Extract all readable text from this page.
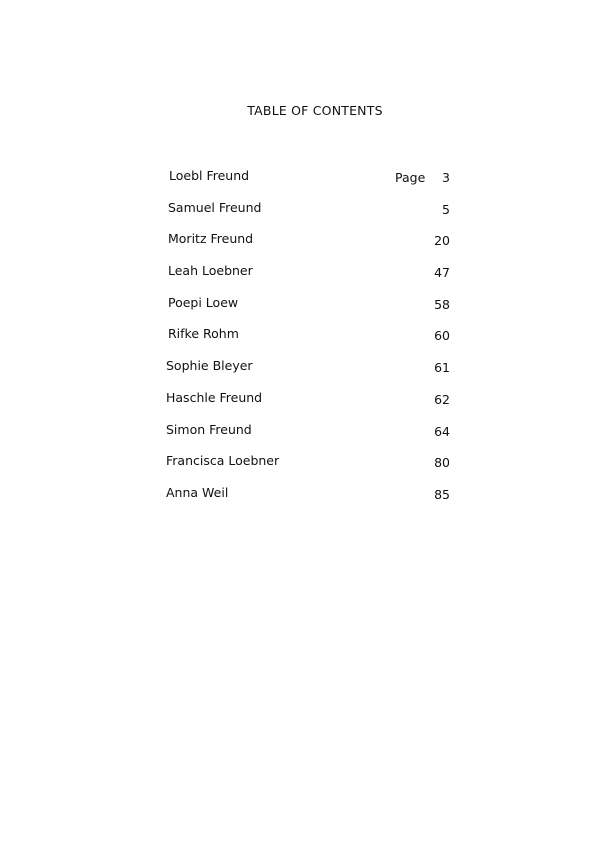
TABLE OF CONTENTS
Loebl Freund	Page 3
Samuel Freund	5
Moritz Freund	20
Leah Loebner	47
Poepi Loew	58
Rifke Rohm	60
Sophie Bleyer	61
Haschle Freund	62
Simon Freund	64
Francisca Loebner	80
Anna Weil	85
